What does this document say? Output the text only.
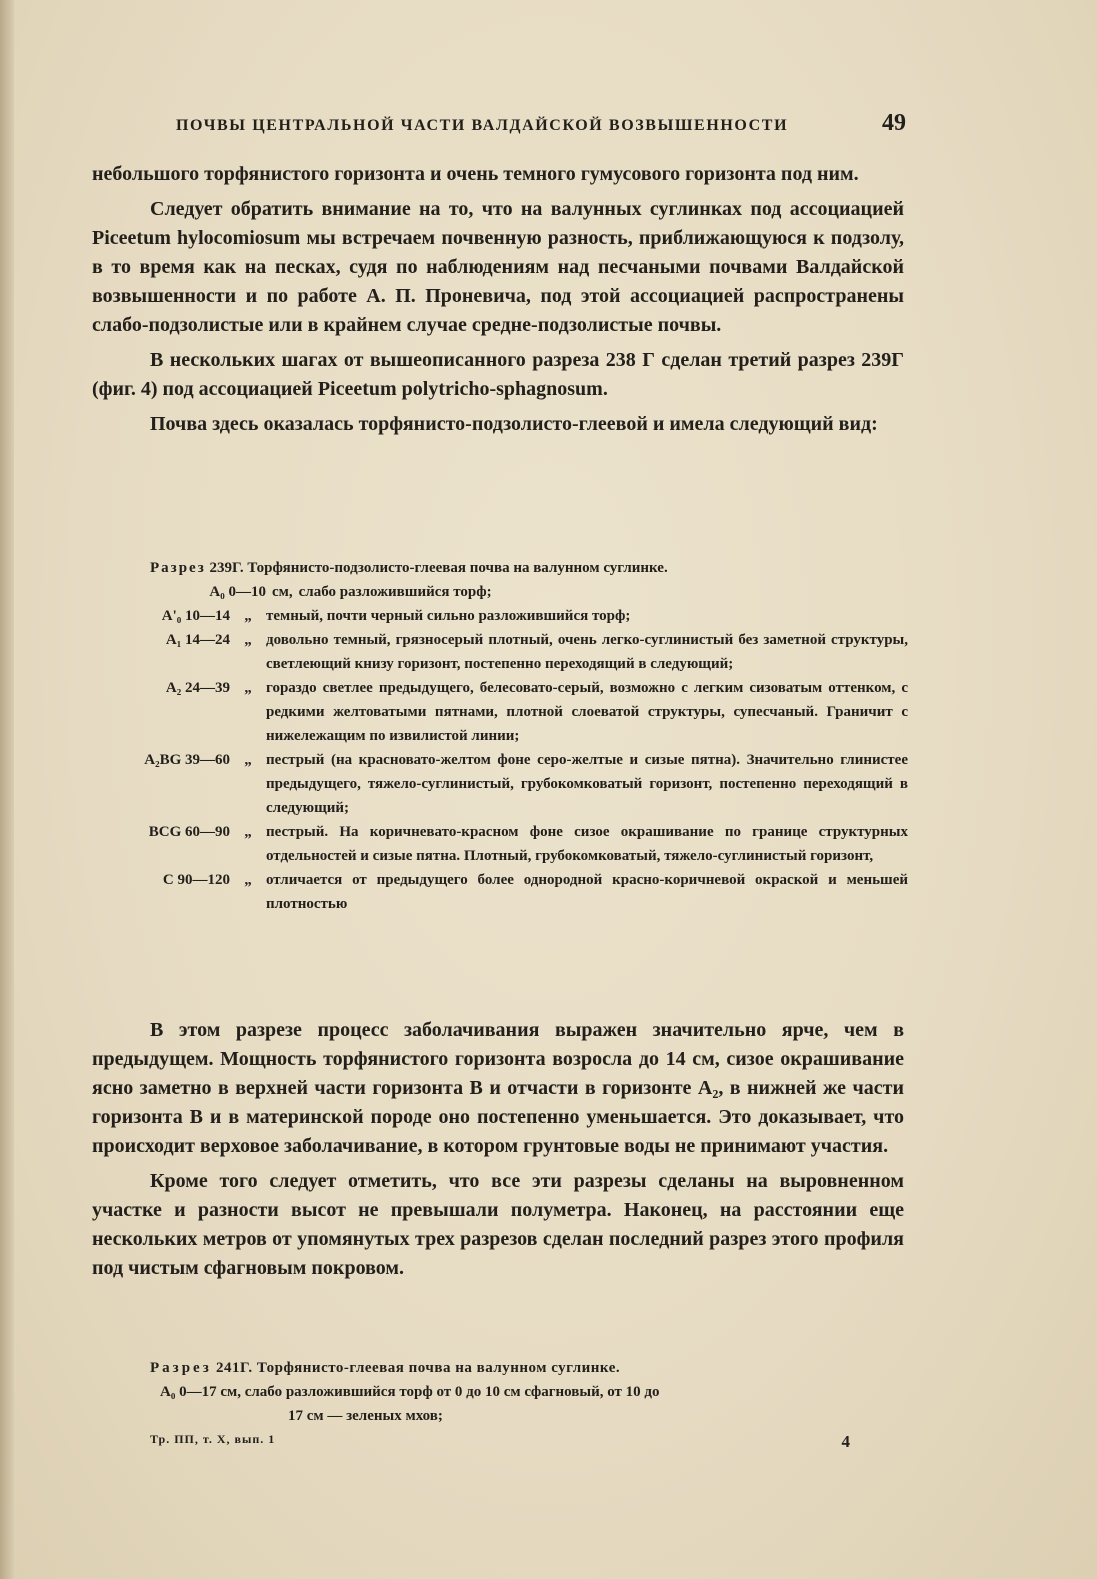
ПОЧВЫ ЦЕНТРАЛЬНОЙ ЧАСТИ ВАЛДАЙСКОЙ ВОЗВЫШЕННОСТИ	49

небольшого торфянистого горизонта и очень темного гумусового горизонта под ним.

Следует обратить внимание на то, что на валунных суглинках под ассоциацией Piceetum hylocomiosum мы встречаем почвенную разность, приближающуюся к подзолу, в то время как на песках, судя по наблюдениям над песчаными почвами Валдайской возвышенности и по работе А. П. Проневича, под этой ассоциацией распространены слабо-подзолистые или в крайнем случае средне-подзолистые почвы.

В нескольких шагах от вышеописанного разреза 238 Г сделан третий разрез 239Г (фиг. 4) под ассоциацией Piceetum polytricho-sphagnosum.

Почва здесь оказалась торфянисто-подзолисто-глеевой и имела следующий вид:

Разрез 239Г. Торфянисто-подзолисто-глеевая почва на валунном суглинке.
A₀ 0—10 см, слабо разложившийся торф;
A'₀ 10—14 „ темный, почти черный сильно разложившийся торф;
A₁ 14—24 „ довольно темный, грязносерый плотный, очень легко-суглинистый без заметной структуры, светлеющий книзу горизонт, постепенно переходящий в следующий;
A₂ 24—39 „ гораздо светлее предыдущего, белесовато-серый, возможно с легким сизоватым оттенком, с редкими желтоватыми пятнами, плотной слоеватой структуры, супесчаный. Граничит с нижележащим по извилистой линии;
A₂BG 39—60 „ пестрый (на красновато-желтом фоне серо-желтые и сизые пятна). Значительно глинистее предыдущего, тяжело-суглинистый, грубокомковатый горизонт, постепенно переходящий в следующий;
BCG 60—90 „ пестрый. На коричневато-красном фоне сизое окрашивание по границе структурных отдельностей и сизые пятна. Плотный, грубокомковатый, тяжело-суглинистый горизонт,
C 90—120 „ отличается от предыдущего более однородной красно-коричневой окраской и меньшей плотностью

В этом разрезе процесс заболачивания выражен значительно ярче, чем в предыдущем. Мощность торфянистого горизонта возросла до 14 см, сизое окрашивание ясно заметно в верхней части горизонта В и отчасти в горизонте A₂, в нижней же части горизонта В и в материнской породе оно постепенно уменьшается. Это доказывает, что происходит верховое заболачивание, в котором грунтовые воды не принимают участия.

Кроме того следует отметить, что все эти разрезы сделаны на выровненном участке и разности высот не превышали полуметра. Наконец, на расстоянии еще нескольких метров от упомянутых трех разрезов сделан последний разрез этого профиля под чистым сфагновым покровом.

Разрез 241Г. Торфянисто-глеевая почва на валунном суглинке.
A₀ 0—17 см, слабо разложившийся торф от 0 до 10 см сфагновый, от 10 до
17 см — зеленых мхов;
Тр. ПП, т. X, вып. 1	4
